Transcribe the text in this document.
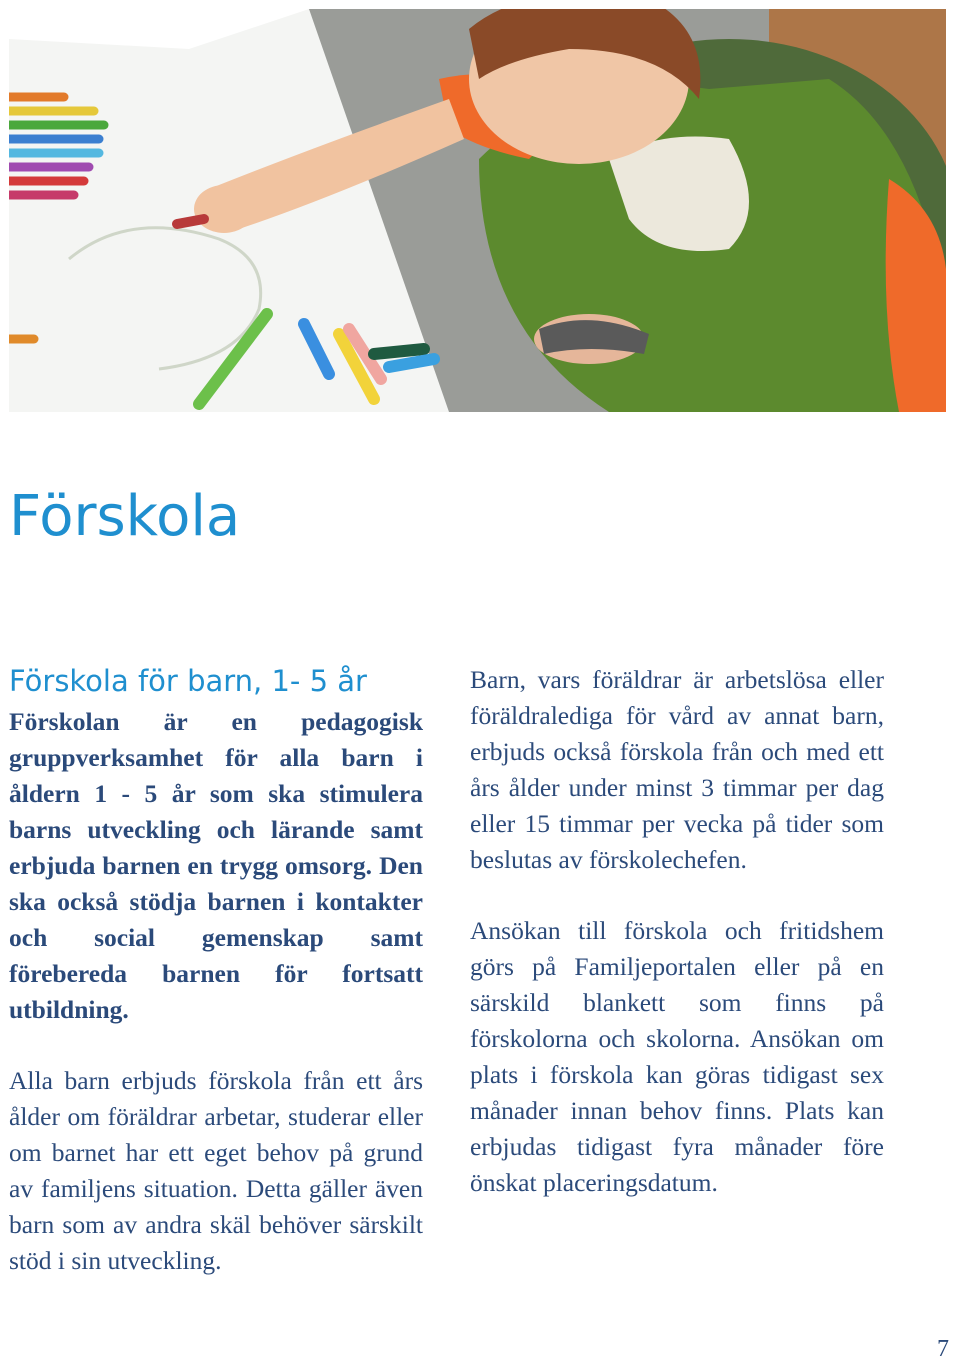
Förskola
Förskola för barn, 1- 5 år

Förskolan är en pedagogisk gruppverksamhet för alla barn i åldern 1 - 5 år som ska stimulera barns utveckling och lärande samt erbjuda barnen en trygg omsorg. Den ska också stödja barnen i kontakter och social gemenskap samt förebereda barnen för fortsatt utbildning.

Alla barn erbjuds förskola från ett års ålder om föräldrar arbetar, studerar eller om barnet har ett eget behov på grund av familjens situation. Detta gäller även barn som av andra skäl behöver särskilt stöd i sin utveckling.

Barn, vars föräldrar är arbetslösa eller föräldralediga för vård av annat barn, erbjuds också förskola från och med ett års ålder under minst 3 timmar per dag eller 15 timmar per vecka på tider som beslutas av förskolechefen.

Ansökan till förskola och fritidshem görs på Familjeportalen eller på en särskild blankett som finns på förskolorna och skolorna. Ansökan om plats i förskola kan göras tidigast sex månader innan behov finns. Plats kan erbjudas tidigast fyra månader före önskat placeringsdatum.

7
